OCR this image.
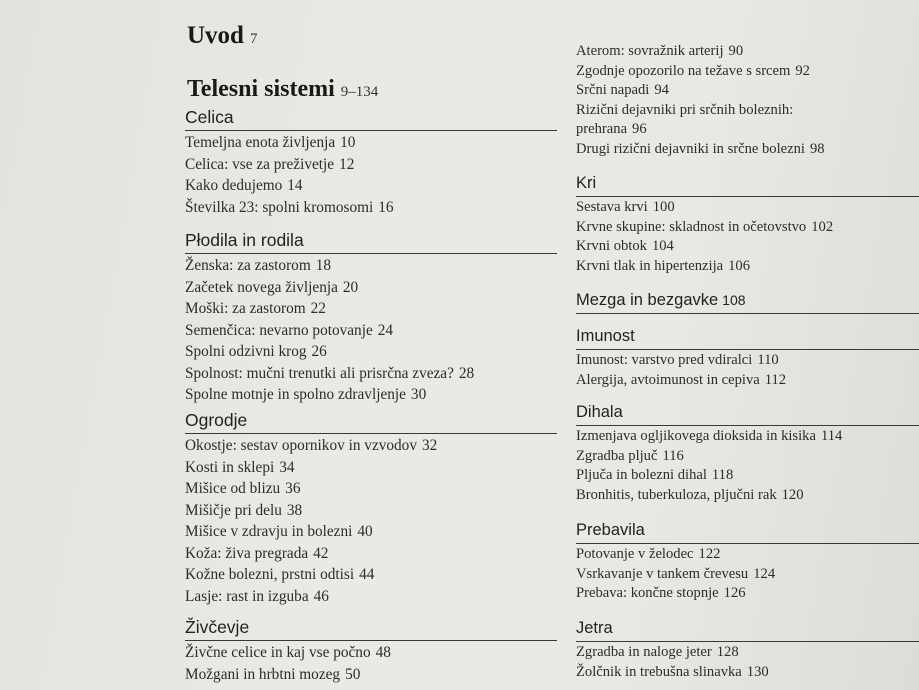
Uvod 7
Telesni sistemi 9–134
Celica
Temeljna enota življenja 10
Celica: vse za preživetje 12
Kako dedujemo 14
Številka 23: spolni kromosomi 16
Płodila in rodila
Ženska: za zastorom 18
Začetek novega življenja 20
Moški: za zastorom 22
Semenčica: nevarno potovanje 24
Spolni odzivni krog 26
Spolnost: mučni trenutki ali prisrčna zveza? 28
Spolne motnje in spolno zdravljenje 30
Ogrodje
Okostje: sestav opornikov in vzvodov 32
Kosti in sklepi 34
Mišice od blizu 36
Mišičje pri delu 38
Mišice v zdravju in bolezni 40
Koža: živa pregrada 42
Kožne bolezni, prstni odtisi 44
Lasje: rast in izguba 46
Živčevje
Živčne celice in kaj vse počno 48
Možgani in hrbtni mozeg 50
Aterom: sovražnik arterij 90
Zgodnje opozorilo na težave s srcem 92
Srčni napadi 94
Rizični dejavniki pri srčnih boleznih:
prehrana 96
Drugi rizični dejavniki in srčne bolezni 98
Kri
Sestava krvi 100
Krvne skupine: skladnost in očetovstvo 102
Krvni obtok 104
Krvni tlak in hipertenzija 106
Mezga in bezgavke 108
Imunost
Imunost: varstvo pred vdiralci 110
Alergija, avtoimunost in cepiva 112
Dihala
Izmenjava ogljikovega dioksida in kisika 114
Zgradba pljuč 116
Pljuča in bolezni dihal 118
Bronhitis, tuberkuloza, pljučni rak 120
Prebavila
Potovanje v želodec 122
Vsrkavanje v tankem črevesu 124
Prebava: končne stopnje 126
Jetra
Zgradba in naloge jeter 128
Žolčnik in trebušna slinavka 130
